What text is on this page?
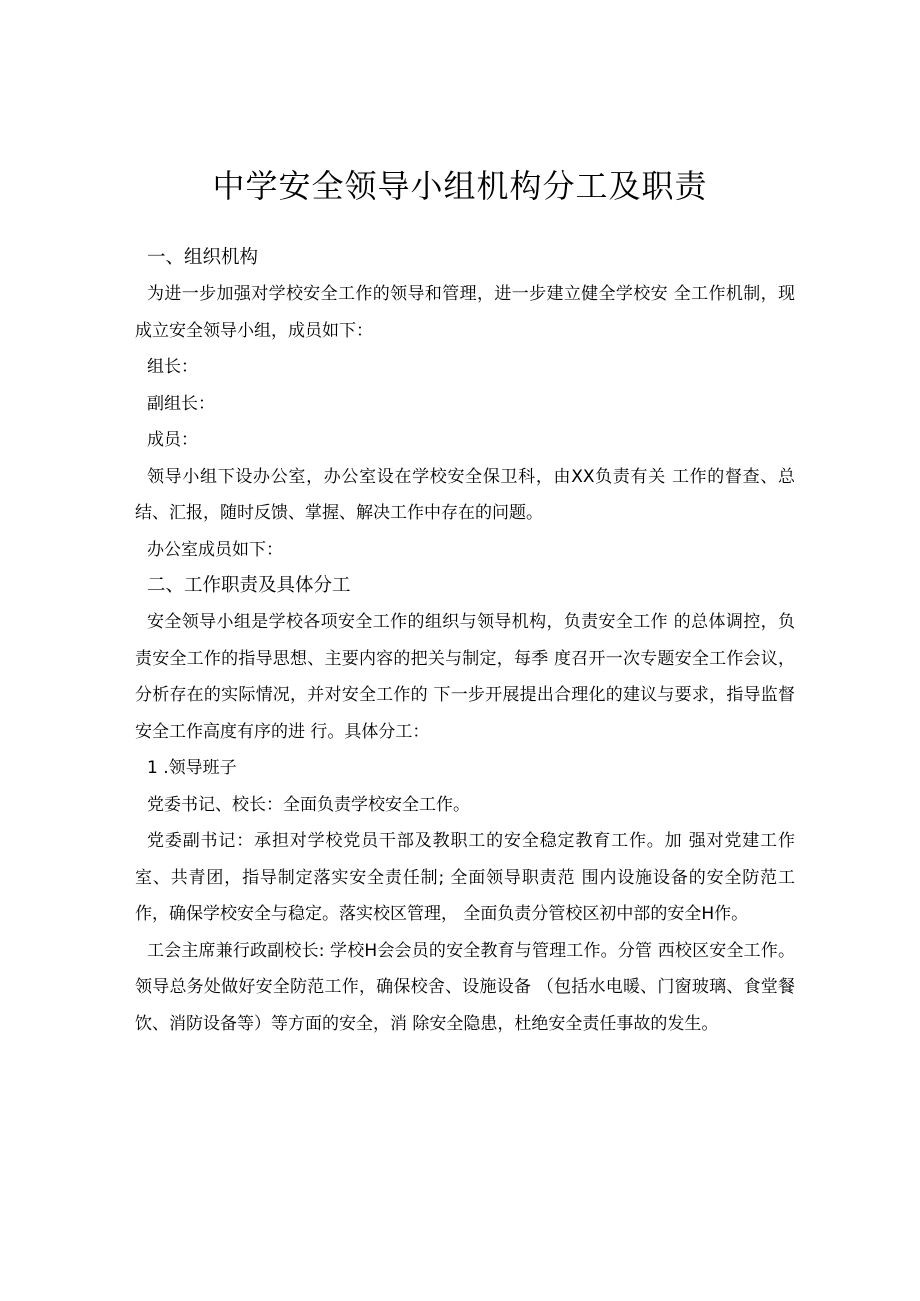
中学安全领导小组机构分工及职责
一、组织机构

为进一步加强对学校安全工作的领导和管理，进一步建立健全学校安 全工作机制，现成立安全领导小组，成员如下：

组长：

副组长：

成员：

领导小组下设办公室，办公室设在学校安全保卫科，由XX负责有关 工作的督查、总结、汇报，随时反馈、掌握、解决工作中存在的问题。

办公室成员如下：

二、工作职责及具体分工

安全领导小组是学校各项安全工作的组织与领导机构，负责安全工作 的总体调控，负责安全工作的指导思想、主要内容的把关与制定，每季 度召开一次专题安全工作会议，分析存在的实际情况，并对安全工作的 下一步开展提出合理化的建议与要求，指导监督安全工作高度有序的进 行。具体分工：

1 .领导班子

党委书记、校长：全面负责学校安全工作。

党委副书记：承担对学校党员干部及教职工的安全稳定教育工作。加 强对党建工作室、共青团，指导制定落实安全责任制; 全面领导职责范 围内设施设备的安全防范工作，确保学校安全与稳定。落实校区管理， 全面负责分管校区初中部的安全H作。

工会主席兼行政副校长: 学校H会会员的安全教育与管理工作。分管 西校区安全工作。领导总务处做好安全防范工作，确保校舍、设施设备 （包括水电暖、门窗玻璃、食堂餐饮、消防设备等）等方面的安全，消 除安全隐患，杜绝安全责任事故的发生。
